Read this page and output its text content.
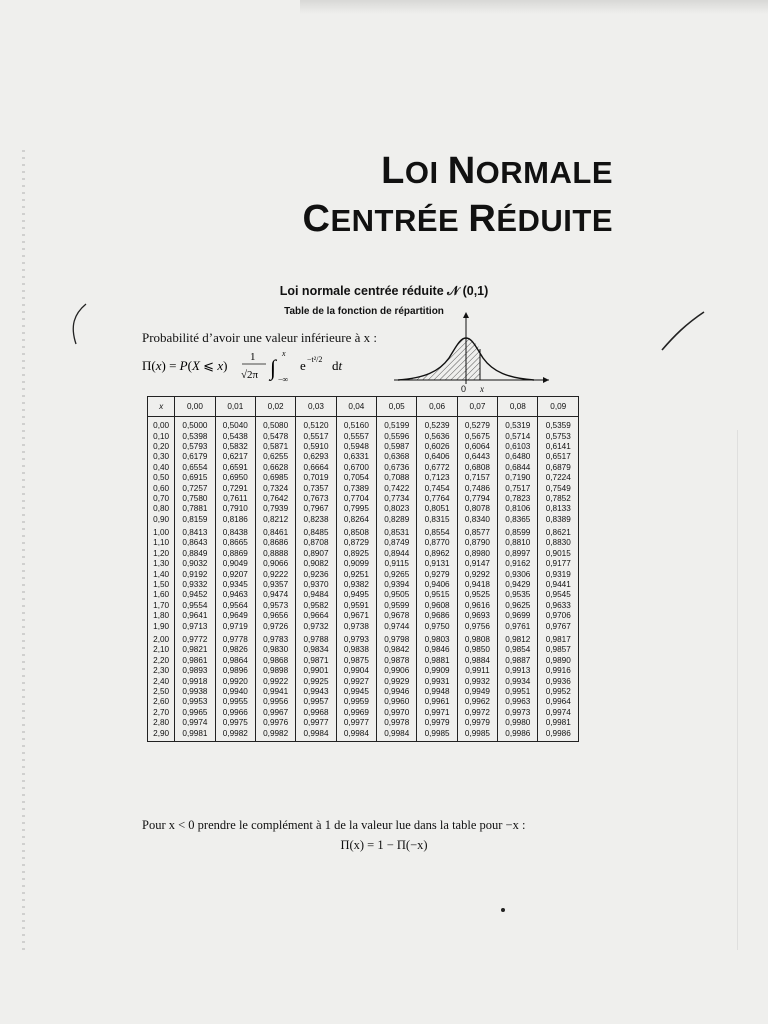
LOI NORMALE
CENTRÉE RÉDUITE
Loi normale centrée réduite 𝒩 (0,1)
Table de la fonction de répartition
Probabilité d’avoir une valeur inférieure à x :
Π(x) = P(X ⩽ x)
1
√2π ∫
x
−∞
e −t²/2 dt
0 x
x	0,00	0,01	0,02	0,03	0,04	0,05	0,06	0,07	0,08	0,09
0,00	0,5000	0,5040	0,5080	0,5120	0,5160	0,5199	0,5239	0,5279	0,5319	0,5359
0,10	0,5398	0,5438	0,5478	0,5517	0,5557	0,5596	0,5636	0,5675	0,5714	0,5753
0,20	0,5793	0,5832	0,5871	0,5910	0,5948	0,5987	0,6026	0,6064	0,6103	0,6141
0,30	0,6179	0,6217	0,6255	0,6293	0,6331	0,6368	0,6406	0,6443	0,6480	0,6517
0,40	0,6554	0,6591	0,6628	0,6664	0,6700	0,6736	0,6772	0,6808	0,6844	0,6879
0,50	0,6915	0,6950	0,6985	0,7019	0,7054	0,7088	0,7123	0,7157	0,7190	0,7224
0,60	0,7257	0,7291	0,7324	0,7357	0,7389	0,7422	0,7454	0,7486	0,7517	0,7549
0,70	0,7580	0,7611	0,7642	0,7673	0,7704	0,7734	0,7764	0,7794	0,7823	0,7852
0,80	0,7881	0,7910	0,7939	0,7967	0,7995	0,8023	0,8051	0,8078	0,8106	0,8133
0,90	0,8159	0,8186	0,8212	0,8238	0,8264	0,8289	0,8315	0,8340	0,8365	0,8389
1,00	0,8413	0,8438	0,8461	0,8485	0,8508	0,8531	0,8554	0,8577	0,8599	0,8621
1,10	0,8643	0,8665	0,8686	0,8708	0,8729	0,8749	0,8770	0,8790	0,8810	0,8830
1,20	0,8849	0,8869	0,8888	0,8907	0,8925	0,8944	0,8962	0,8980	0,8997	0,9015
1,30	0,9032	0,9049	0,9066	0,9082	0,9099	0,9115	0,9131	0,9147	0,9162	0,9177
1,40	0,9192	0,9207	0,9222	0,9236	0,9251	0,9265	0,9279	0,9292	0,9306	0,9319
1,50	0,9332	0,9345	0,9357	0,9370	0,9382	0,9394	0,9406	0,9418	0,9429	0,9441
1,60	0,9452	0,9463	0,9474	0,9484	0,9495	0,9505	0,9515	0,9525	0,9535	0,9545
1,70	0,9554	0,9564	0,9573	0,9582	0,9591	0,9599	0,9608	0,9616	0,9625	0,9633
1,80	0,9641	0,9649	0,9656	0,9664	0,9671	0,9678	0,9686	0,9693	0,9699	0,9706
1,90	0,9713	0,9719	0,9726	0,9732	0,9738	0,9744	0,9750	0,9756	0,9761	0,9767
2,00	0,9772	0,9778	0,9783	0,9788	0,9793	0,9798	0,9803	0,9808	0,9812	0,9817
2,10	0,9821	0,9826	0,9830	0,9834	0,9838	0,9842	0,9846	0,9850	0,9854	0,9857
2,20	0,9861	0,9864	0,9868	0,9871	0,9875	0,9878	0,9881	0,9884	0,9887	0,9890
2,30	0,9893	0,9896	0,9898	0,9901	0,9904	0,9906	0,9909	0,9911	0,9913	0,9916
2,40	0,9918	0,9920	0,9922	0,9925	0,9927	0,9929	0,9931	0,9932	0,9934	0,9936
2,50	0,9938	0,9940	0,9941	0,9943	0,9945	0,9946	0,9948	0,9949	0,9951	0,9952
2,60	0,9953	0,9955	0,9956	0,9957	0,9959	0,9960	0,9961	0,9962	0,9963	0,9964
2,70	0,9965	0,9966	0,9967	0,9968	0,9969	0,9970	0,9971	0,9972	0,9973	0,9974
2,80	0,9974	0,9975	0,9976	0,9977	0,9977	0,9978	0,9979	0,9979	0,9980	0,9981
2,90	0,9981	0,9982	0,9982	0,9984	0,9984	0,9984	0,9985	0,9985	0,9986	0,9986
Pour x < 0 prendre le complément à 1 de la valeur lue dans la table pour −x :
Π(x) = 1 − Π(−x)
